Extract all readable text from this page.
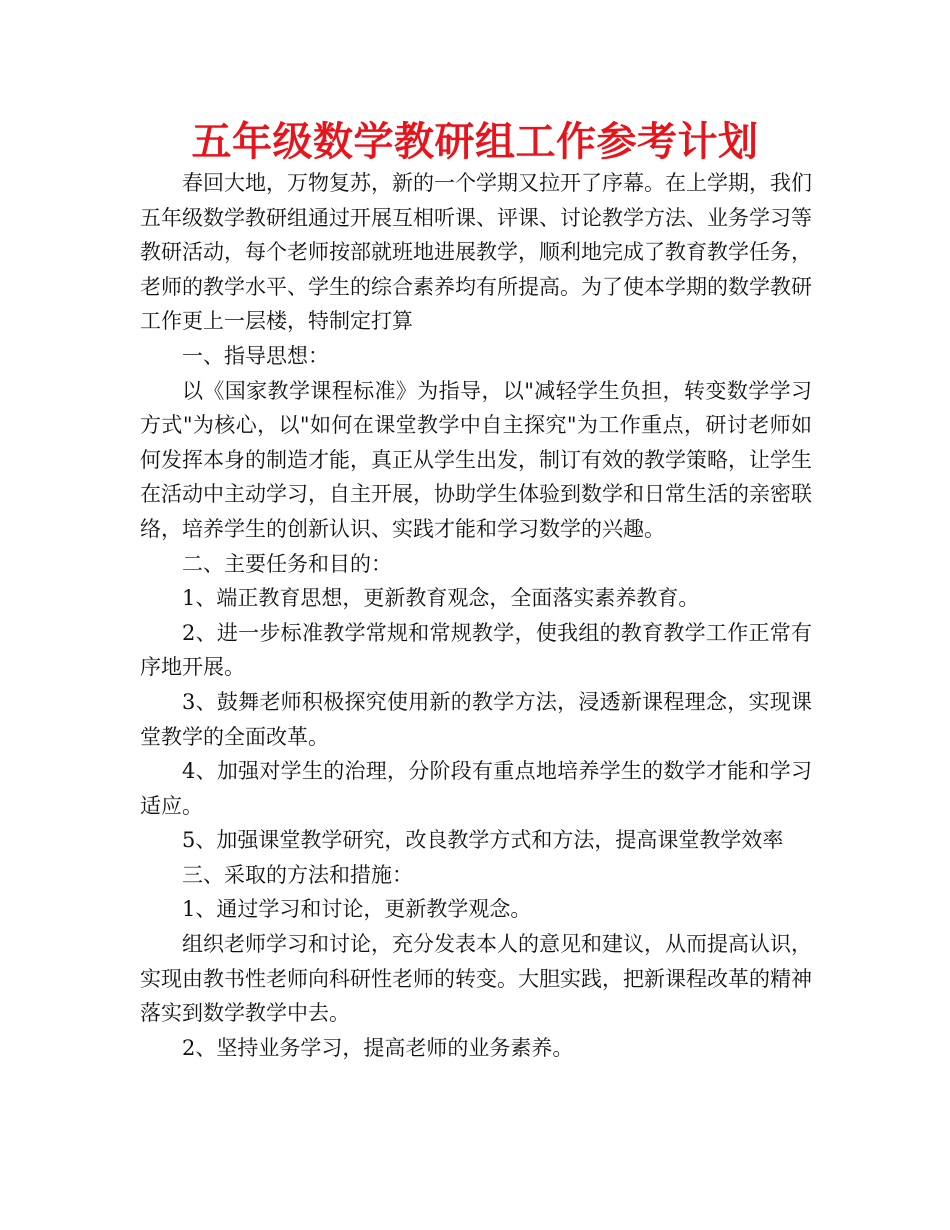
五年级数学教研组工作参考计划

春回大地，万物复苏，新的一个学期又拉开了序幕。在上学期，我们五年级数学教研组通过开展互相听课、评课、讨论教学方法、业务学习等教研活动，每个老师按部就班地进展教学，顺利地完成了教育教学任务，老师的教学水平、学生的综合素养均有所提高。为了使本学期的数学教研工作更上一层楼，特制定打算

一、指导思想：

以《国家教学课程标准》为指导，以"减轻学生负担，转变数学学习方式"为核心，以"如何在课堂教学中自主探究"为工作重点，研讨老师如何发挥本身的制造才能，真正从学生出发，制订有效的教学策略，让学生在活动中主动学习，自主开展，协助学生体验到数学和日常生活的亲密联络，培养学生的创新认识、实践才能和学习数学的兴趣。

二、主要任务和目的：

1、端正教育思想，更新教育观念，全面落实素养教育。

2、进一步标准教学常规和常规教学，使我组的教育教学工作正常有序地开展。

3、鼓舞老师积极探究使用新的教学方法，浸透新课程理念，实现课堂教学的全面改革。

4、加强对学生的治理，分阶段有重点地培养学生的数学才能和学习适应。

5、加强课堂教学研究，改良教学方式和方法，提高课堂教学效率

三、采取的方法和措施：

1、通过学习和讨论，更新教学观念。

组织老师学习和讨论，充分发表本人的意见和建议，从而提高认识，实现由教书性老师向科研性老师的转变。大胆实践，把新课程改革的精神落实到数学教学中去。

2、坚持业务学习，提高老师的业务素养。
